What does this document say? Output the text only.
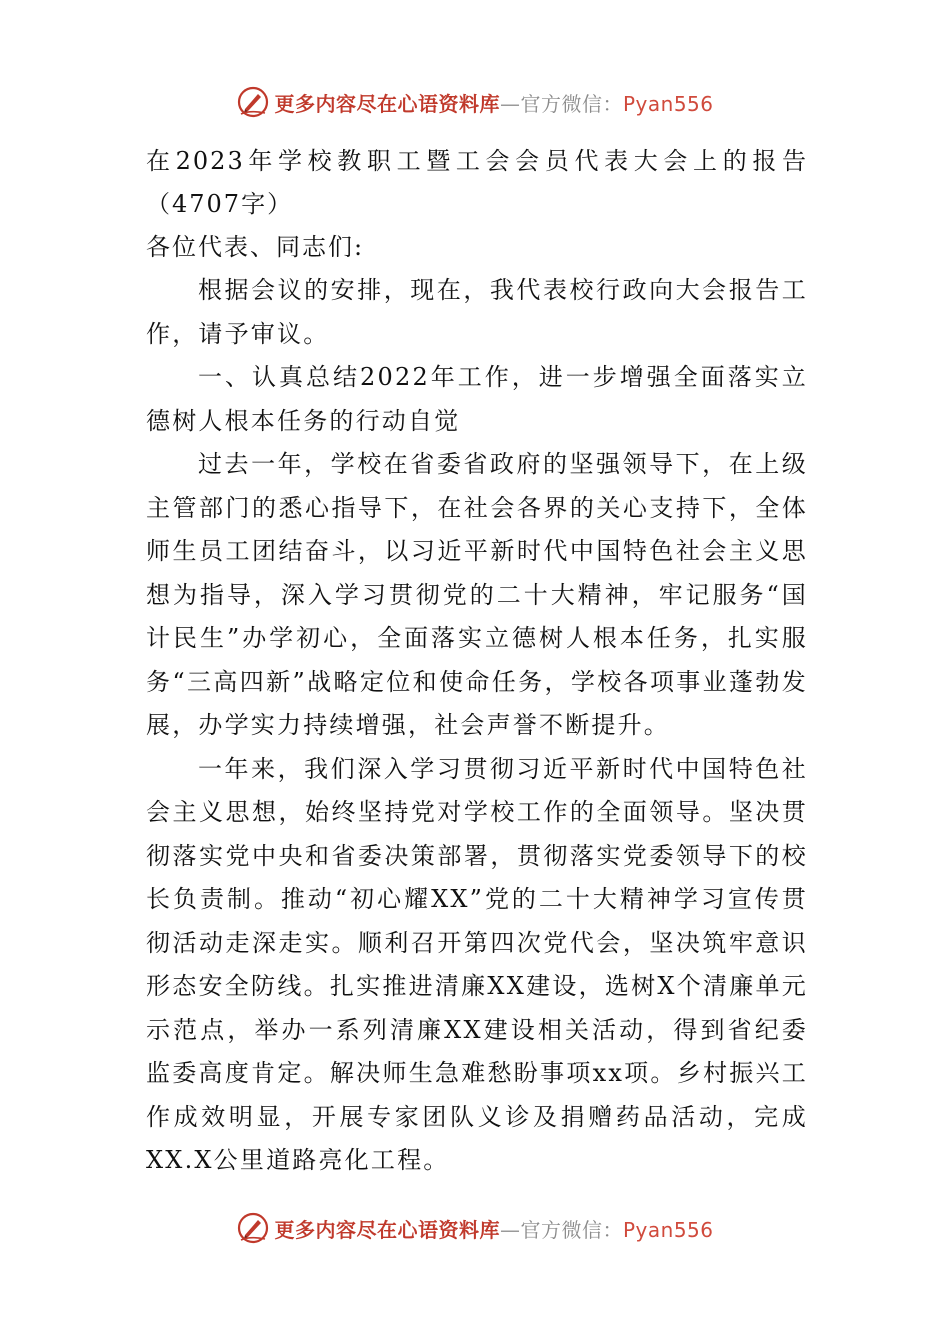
更多内容尽在心语资料库—官方微信：Pyan556
在2023年学校教职工暨工会会员代表大会上的报告（4707字）

各位代表、同志们:

根据会议的安排，现在，我代表校行政向大会报告工作，请予审议。

一、认真总结2022年工作，进一步增强全面落实立德树人根本任务的行动自觉

过去一年，学校在省委省政府的坚强领导下，在上级主管部门的悉心指导下，在社会各界的关心支持下，全体师生员工团结奋斗，以习近平新时代中国特色社会主义思想为指导，深入学习贯彻党的二十大精神，牢记服务“国计民生”办学初心，全面落实立德树人根本任务，扎实服务“三高四新”战略定位和使命任务，学校各项事业蓬勃发展，办学实力持续增强，社会声誉不断提升。

一年来，我们深入学习贯彻习近平新时代中国特色社会主义思想，始终坚持党对学校工作的全面领导。坚决贯彻落实党中央和省委决策部署，贯彻落实党委领导下的校长负责制。推动“初心耀XX”党的二十大精神学习宣传贯彻活动走深走实。顺利召开第四次党代会，坚决筑牢意识形态安全防线。扎实推进清廉XX建设，选树X个清廉单元示范点，举办一系列清廉XX建设相关活动，得到省纪委监委高度肯定。解决师生急难愁盼事项xx项。乡村振兴工作成效明显，开展专家团队义诊及捐赠药品活动，完成XX.X公里道路亮化工程。

更多内容尽在心语资料库—官方微信：Pyan556
